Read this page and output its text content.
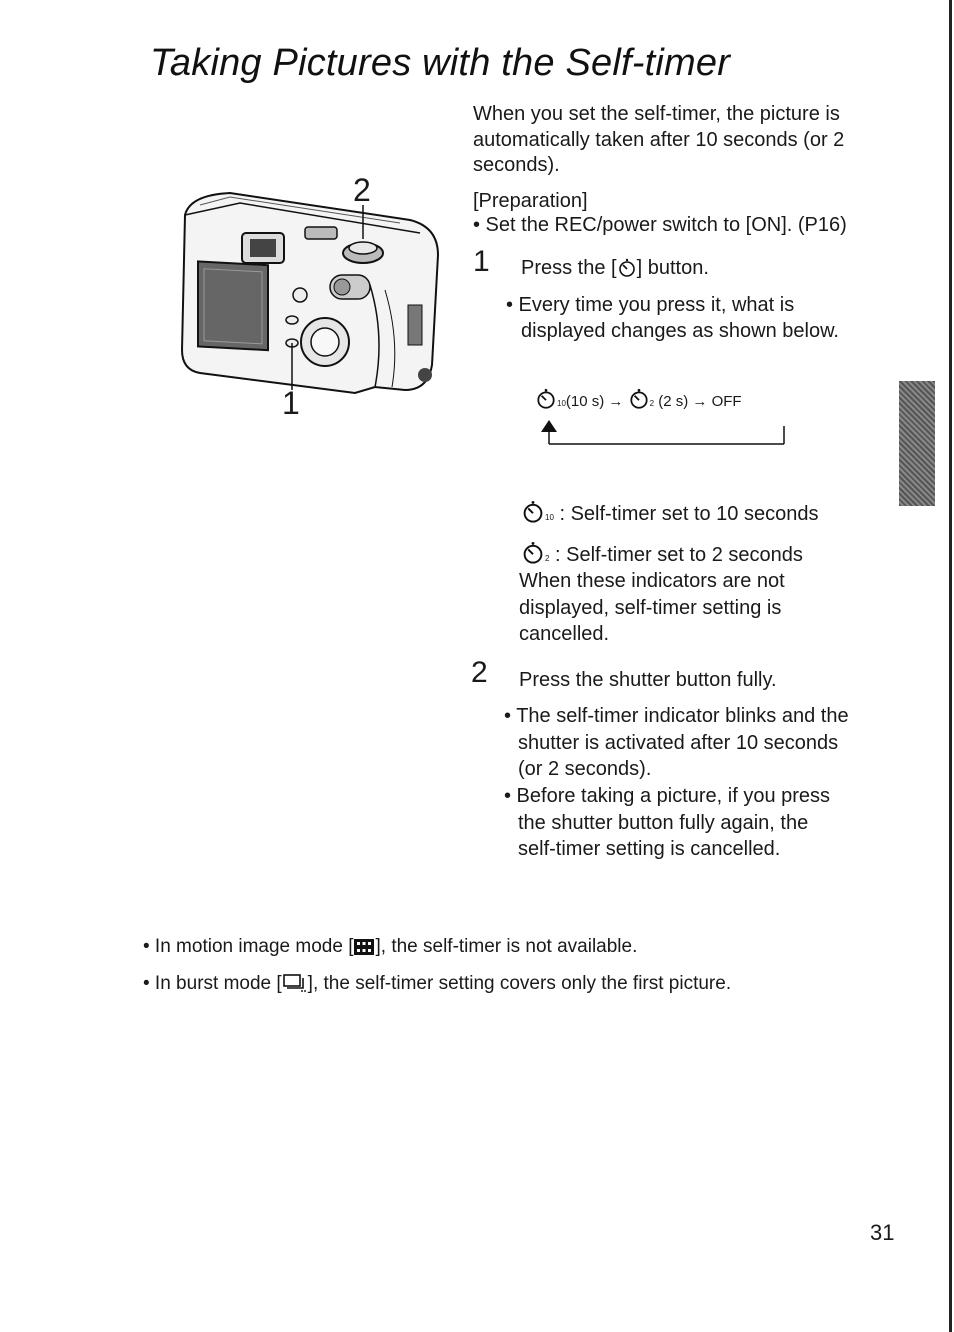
Taking Pictures with the Self-timer
When you set the self-timer, the picture is
automatically taken after 10 seconds (or 2
seconds).
[Preparation]
• Set the REC/power switch to [ON]. (P16)
2
1
1 Press the [ ] button.
• Every time you press it, what is
displayed changes as shown below.
10(10 s) →	2 (2 s) → OFF
10 : Self-timer set to 10 seconds
2 : Self-timer set to 2 seconds
When these indicators are not
displayed, self-timer setting is
cancelled.
2 Press the shutter button fully.
• The self-timer indicator blinks and the
shutter is activated after 10 seconds
(or 2 seconds).
• Before taking a picture, if you press
the shutter button fully again, the
self-timer setting is cancelled.
• In motion image mode [ ], the self-timer is not available.
• In burst mode [ ], the self-timer setting covers only the first picture.
31
